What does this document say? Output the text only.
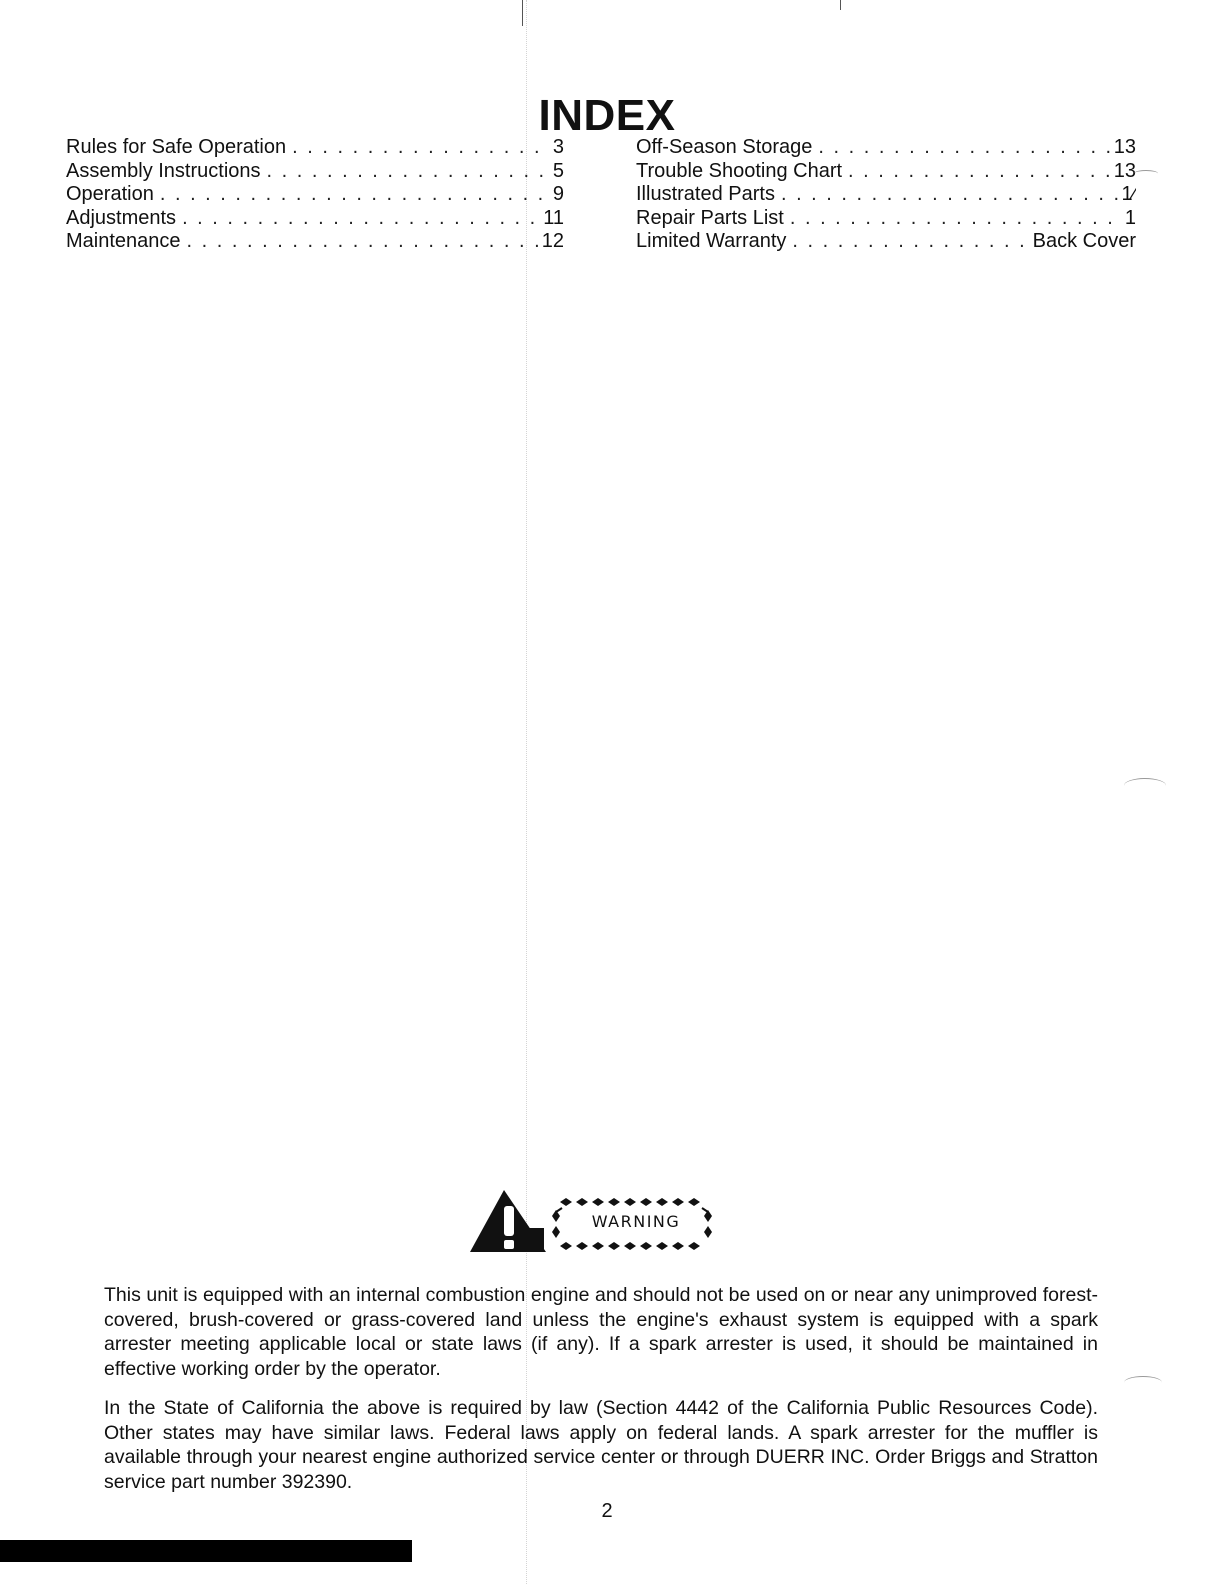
INDEX
Rules for Safe Operation . . .	3
Assembly Instructions . . .	5
Operation . . .	9
Adjustments . . .	11
Maintenance . . .	12
Off-Season Storage . . .	13
Trouble Shooting Chart . . .	13
Illustrated Parts . . .	1⁄
Repair Parts List . . .	1
Limited Warranty . . .	Back Cover
WARNING

This unit is equipped with an internal combustion engine and should not be used on or near any unimproved forest-covered, brush-covered or grass-covered land unless the engine's exhaust system is equipped with a spark arrester meeting applicable local or state laws (if any). If a spark arrester is used, it should be maintained in effective working order by the operator.

In the State of California the above is required by law (Section 4442 of the California Public Resources Code). Other states may have similar laws. Federal laws apply on federal lands. A spark arrester for the muffler is available through your nearest engine authorized service center or through DUERR INC. Order Briggs and Stratton service part number 392390.

2
